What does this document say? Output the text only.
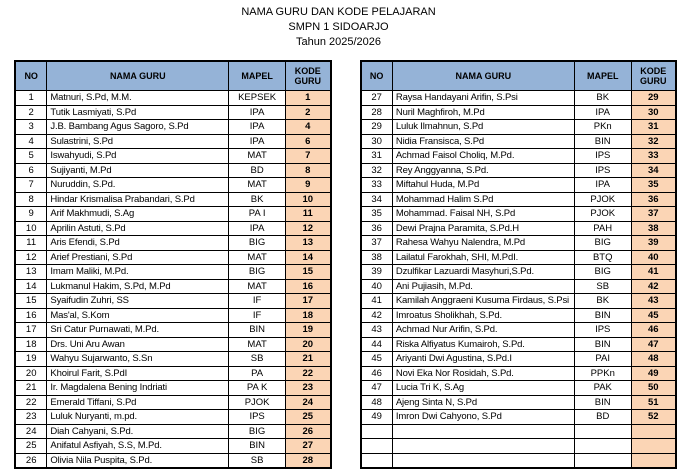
NAMA GURU DAN KODE PELAJARAN
SMPN 1 SIDOARJO
Tahun 2025/2026
NO	NAMA GURU	MAPEL	KODE GURU
1	Matnuri, S.Pd, M.M.	KEPSEK	1
2	Tutik Lasmiyati, S.Pd	IPA	2
3	J.B. Bambang Agus Sagoro, S.Pd	IPA	4
4	Sulastrini, S.Pd	IPA	6
5	Iswahyudi, S.Pd	MAT	7
6	Sujiyanti, M.Pd	BD	8
7	Nuruddin, S.Pd.	MAT	9
8	Hindar Krismalisa Prabandari, S.Pd	BK	10
9	Arif Makhmudi, S.Ag	PA I	11
10	Aprilin Astuti, S.Pd	IPA	12
11	Aris Efendi, S.Pd	BIG	13
12	Arief Prestiani, S.Pd	MAT	14
13	Imam Maliki, M.Pd.	BIG	15
14	Lukmanul Hakim, S.Pd, M.Pd	MAT	16
15	Syaifudin Zuhri, SS	IF	17
16	Mas'al, S.Kom	IF	18
17	Sri Catur Purnawati, M.Pd.	BIN	19
18	Drs. Uni Aru Awan	MAT	20
19	Wahyu Sujarwanto, S.Sn	SB	21
20	Khoirul Farit, S.PdI	PA	22
21	Ir. Magdalena Bening Indriati	PA K	23
22	Emerald Tiffani, S.Pd	PJOK	24
23	Luluk Nuryanti, m.pd.	IPS	25
24	Diah Cahyani, S.Pd.	BIG	26
25	Anifatul Asfiyah, S.S, M.Pd.	BIN	27
26	Olivia Nila Puspita, S.Pd.	SB	28
NO	NAMA GURU	MAPEL	KODE GURU
27	Raysa Handayani Arifin, S.Psi	BK	29
28	Nuril Maghfiroh, M.Pd	IPA	30
29	Luluk Ilmahnun, S.Pd	PKn	31
30	Nidia Fransisca, S.Pd	BIN	32
31	Achmad Faisol Choliq, M.Pd.	IPS	33
32	Rey Anggyanna, S.Pd.	IPS	34
33	Miftahul Huda, M.Pd	IPA	35
34	Mohammad Halim S.Pd	PJOK	36
35	Mohammad. Faisal NH, S.Pd	PJOK	37
36	Dewi Prajna Paramita, S.Pd.H	PAH	38
37	Rahesa Wahyu Nalendra, M.Pd	BIG	39
38	Lailatul Farokhah, SHI, M.PdI.	BTQ	40
39	Dzulfikar Lazuardi Masyhuri,S.Pd.	BIG	41
40	Ani Pujiasih, M.Pd.	SB	42
41	Kamilah Anggraeni Kusuma Firdaus, S.Psi	BK	43
42	Imroatus Sholikhah, S.Pd.	BIN	45
43	Achmad Nur Arifin, S.Pd.	IPS	46
44	Riska Alfiyatus Kumairoh, S.Pd.	BIN	47
45	Ariyanti Dwi Agustina, S.Pd.I	PAI	48
46	Novi Eka Nor Rosidah, S.Pd.	PPKn	49
47	Lucia Tri K, S.Ag	PAK	50
48	Ajeng Sinta N, S.Pd	BIN	51
49	Imron Dwi Cahyono, S.Pd	BD	52
